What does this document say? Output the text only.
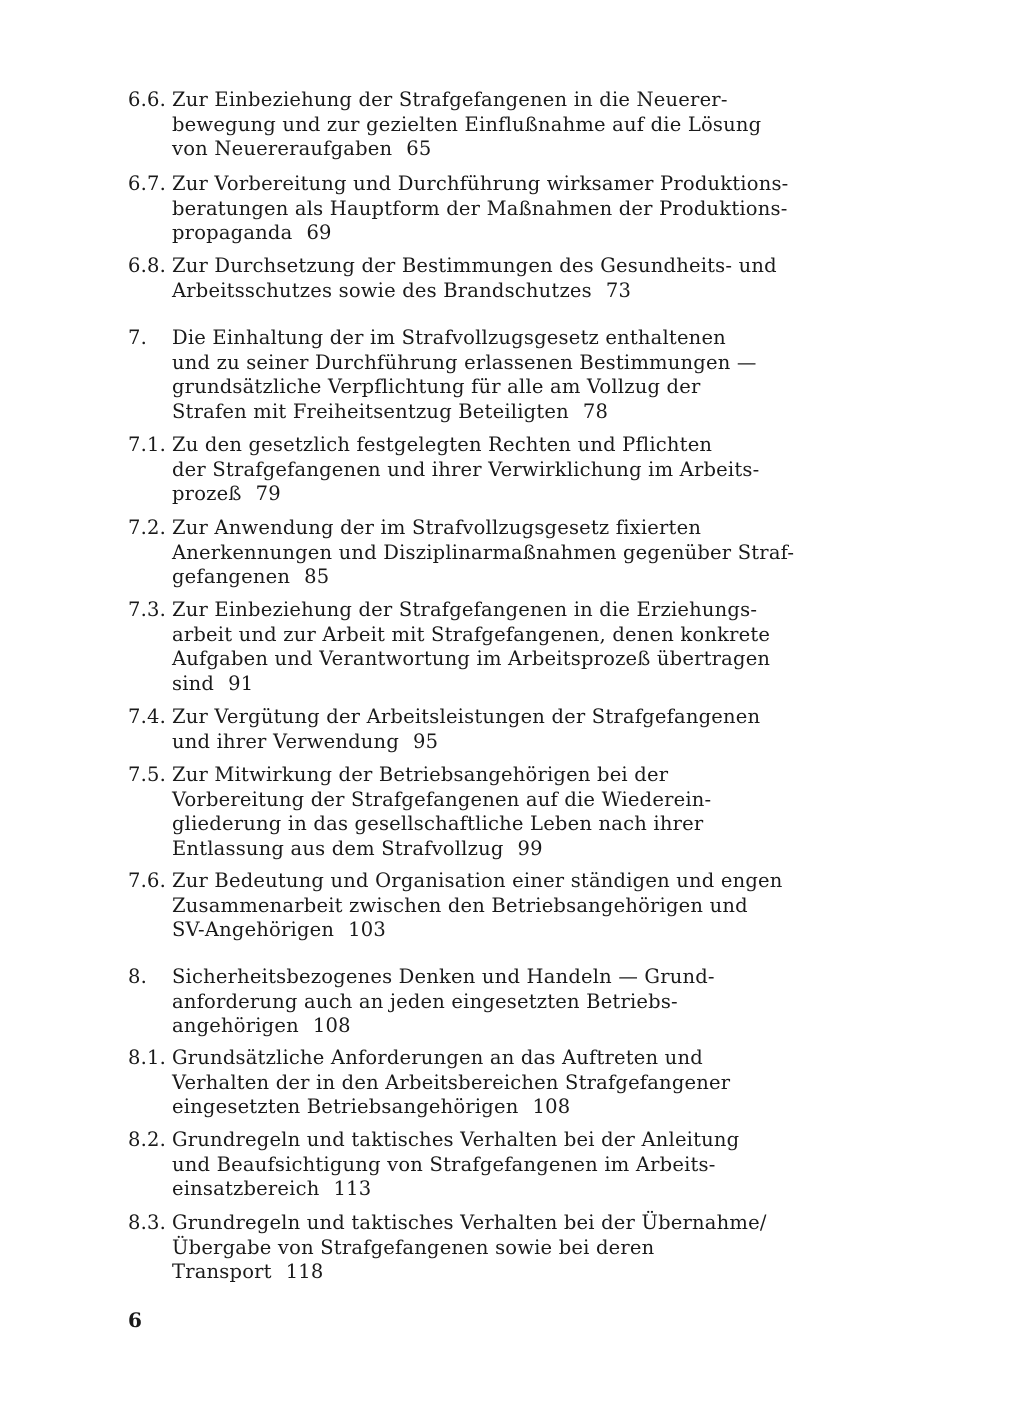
6.6. Zur Einbeziehung der Strafgefangenen in die Neuerer-
bewegung und zur gezielten Einflußnahme auf die Lösung
von Neuereraufgaben 65
6.7. Zur Vorbereitung und Durchführung wirksamer Produktions-
beratungen als Hauptform der Maßnahmen der Produktions-
propaganda 69
6.8. Zur Durchsetzung der Bestimmungen des Gesundheits- und
Arbeitsschutzes sowie des Brandschutzes 73
7. Die Einhaltung der im Strafvollzugsgesetz enthaltenen
und zu seiner Durchführung erlassenen Bestimmungen —
grundsätzliche Verpflichtung für alle am Vollzug der
Strafen mit Freiheitsentzug Beteiligten 78
7.1. Zu den gesetzlich festgelegten Rechten und Pflichten
der Strafgefangenen und ihrer Verwirklichung im Arbeits-
prozeß 79
7.2. Zur Anwendung der im Strafvollzugsgesetz fixierten
Anerkennungen und Disziplinarmaßnahmen gegenüber Straf-
gefangenen 85
7.3. Zur Einbeziehung der Strafgefangenen in die Erziehungs-
arbeit und zur Arbeit mit Strafgefangenen, denen konkrete
Aufgaben und Verantwortung im Arbeitsprozeß übertragen
sind 91
7.4. Zur Vergütung der Arbeitsleistungen der Strafgefangenen
und ihrer Verwendung 95
7.5. Zur Mitwirkung der Betriebsangehörigen bei der
Vorbereitung der Strafgefangenen auf die Wiederein-
gliederung in das gesellschaftliche Leben nach ihrer
Entlassung aus dem Strafvollzug 99
7.6. Zur Bedeutung und Organisation einer ständigen und engen
Zusammenarbeit zwischen den Betriebsangehörigen und
SV-Angehörigen 103
8. Sicherheitsbezogenes Denken und Handeln — Grund-
anforderung auch an jeden eingesetzten Betriebs-
angehörigen 108
8.1. Grundsätzliche Anforderungen an das Auftreten und
Verhalten der in den Arbeitsbereichen Strafgefangener
eingesetzten Betriebsangehörigen 108
8.2. Grundregeln und taktisches Verhalten bei der Anleitung
und Beaufsichtigung von Strafgefangenen im Arbeits-
einsatzbereich 113
8.3. Grundregeln und taktisches Verhalten bei der Übernahme/
Übergabe von Strafgefangenen sowie bei deren
Transport 118
6
